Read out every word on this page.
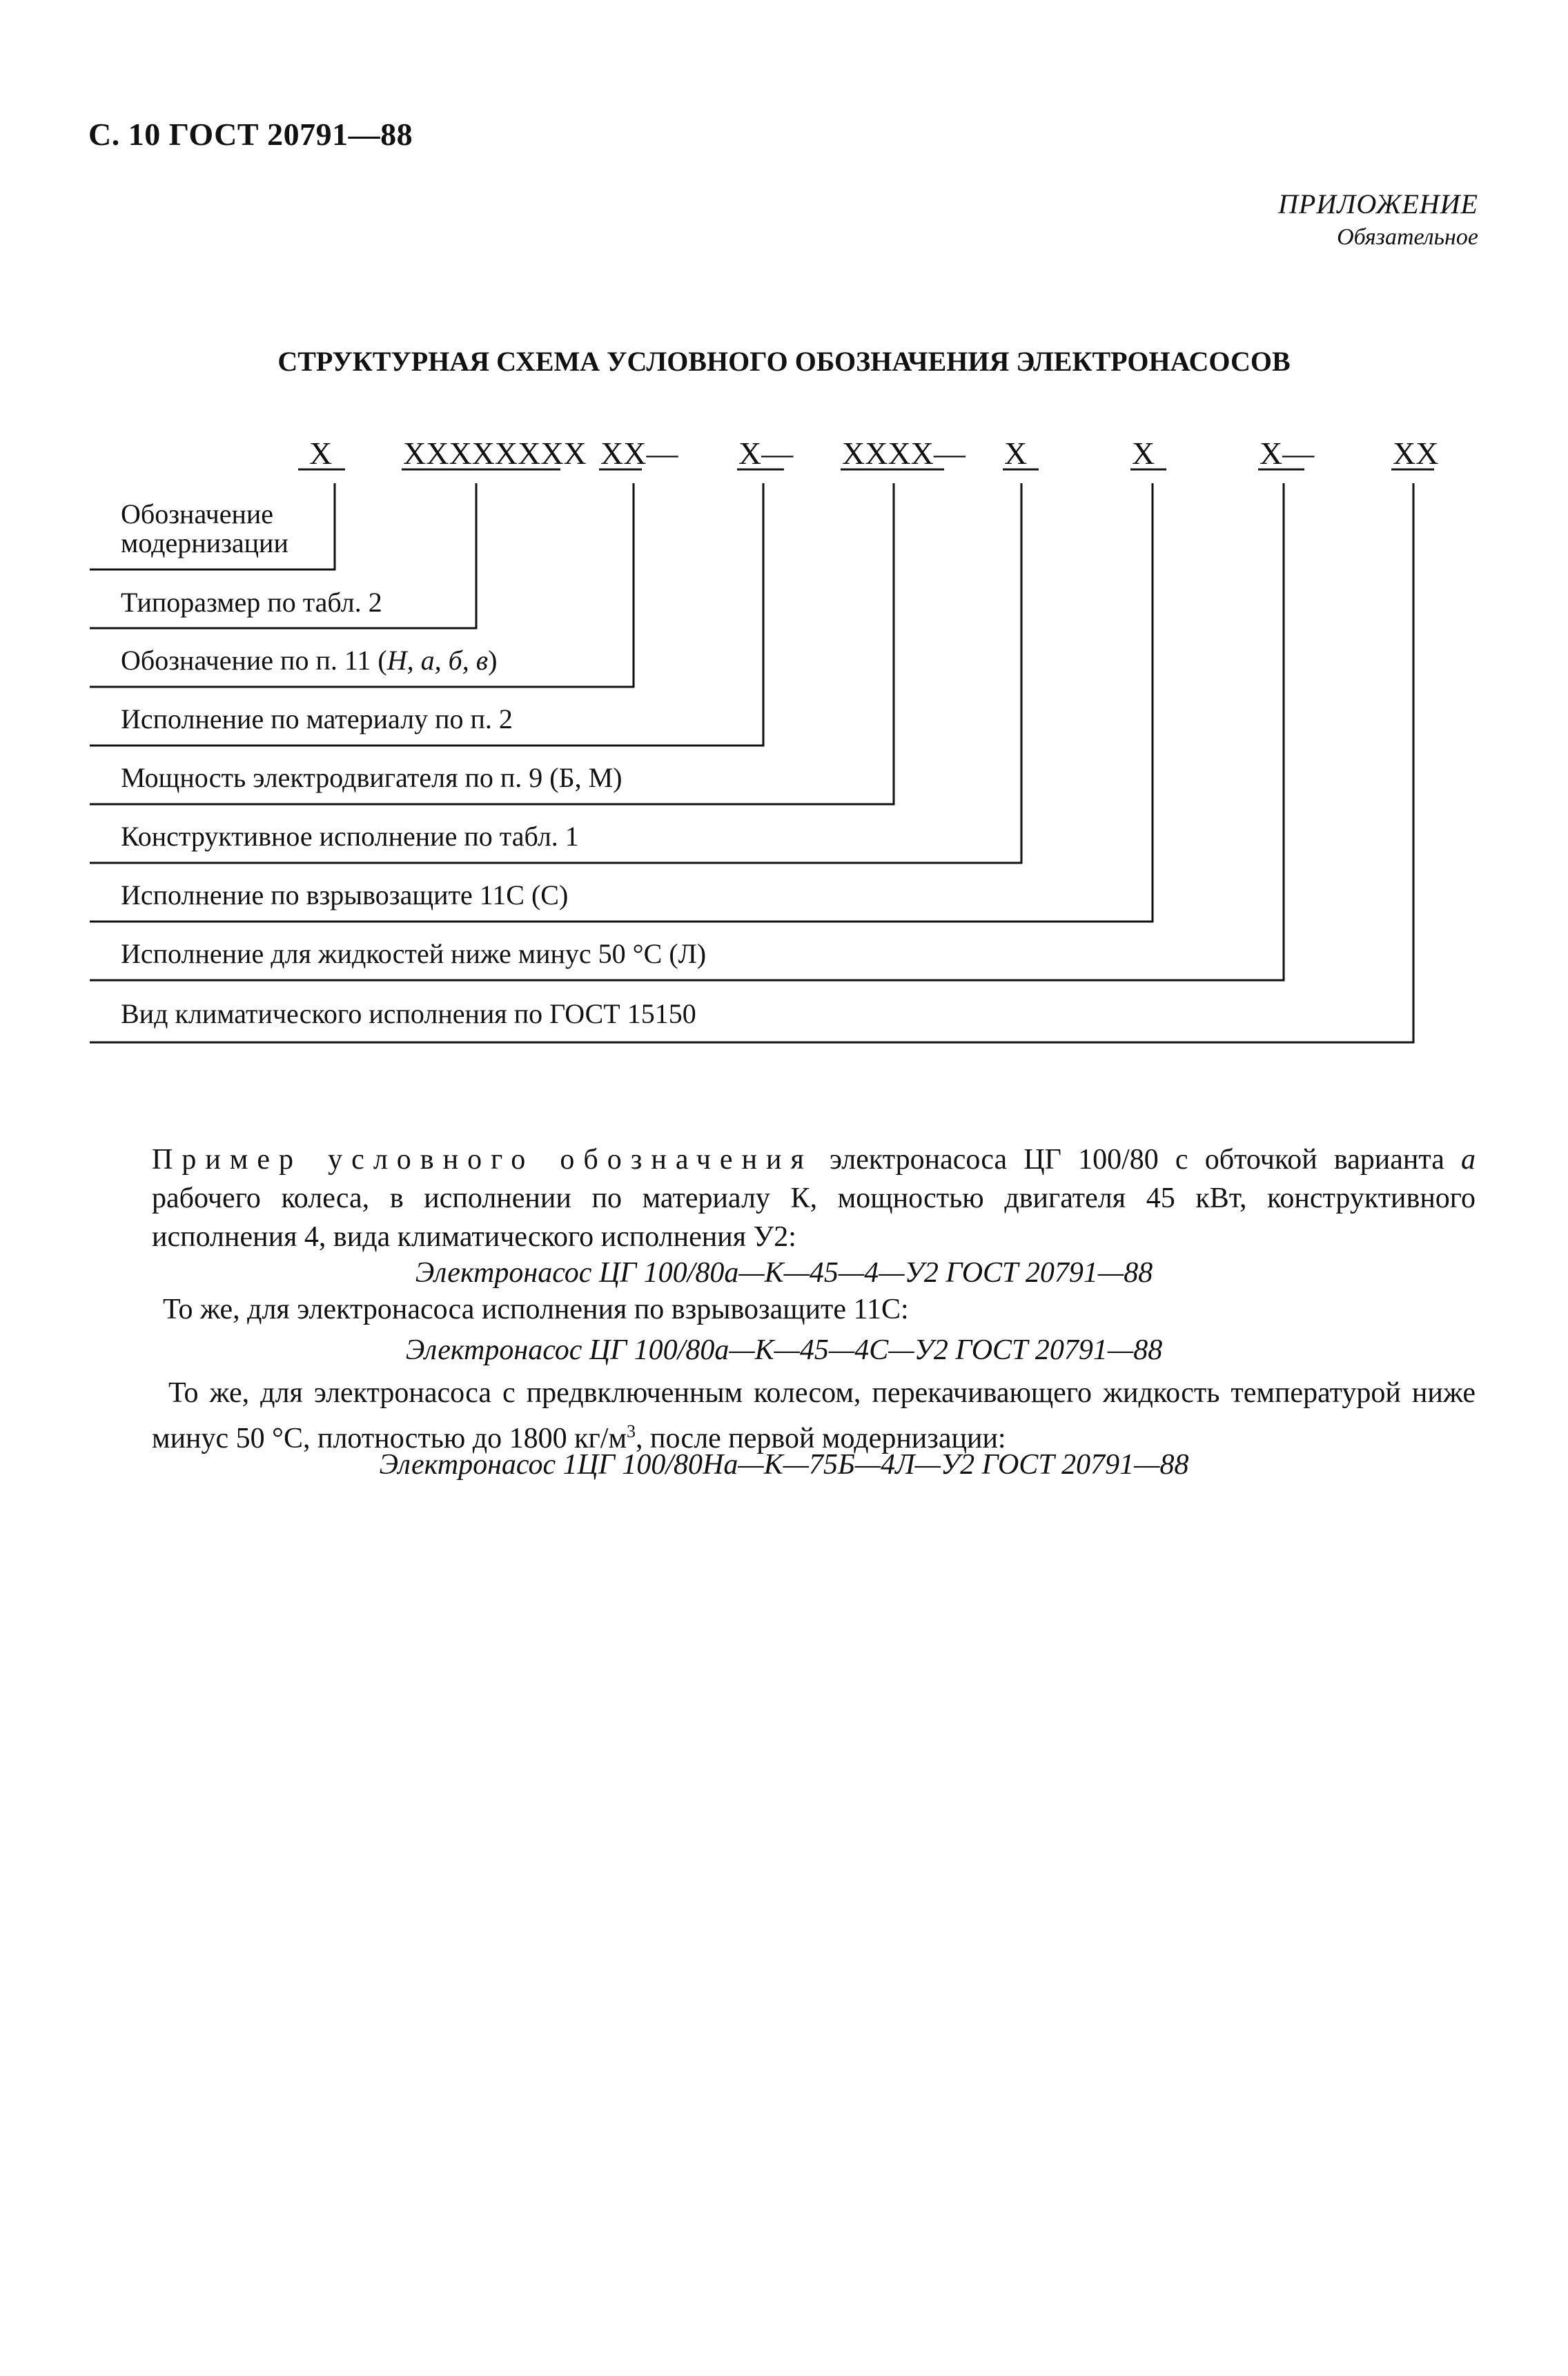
С. 10 ГОСТ 20791—88
ПРИЛОЖЕНИЕ
Обязательное
СТРУКТУРНАЯ СХЕМА УСЛОВНОГО ОБОЗНАЧЕНИЯ ЭЛЕКТРОНАСОСОВ
X XXXXXXXX XX— X— XXXX— X	X	X— XX
Обозначение
модернизации
Типоразмер по табл. 2
Обозначение по п. 11 (Н, а, б, в)
Исполнение по материалу по п. 2
Мощность электродвигателя по п. 9 (Б, М)
Конструктивное исполнение по табл. 1
Исполнение по взрывозащите 11С (С)
Исполнение для жидкостей ниже минус 50 °С (Л)
Вид климатического исполнения по ГОСТ 15150
Пример условного обозначения электронасоса ЦГ 100/80 с обточкой варианта а рабочего колеса, в исполнении по материалу К, мощностью двигателя 45 кВт, конструктивного исполнения 4, вида климатического исполнения У2:
Электронасос ЦГ 100/80а—К—45—4—У2 ГОСТ 20791—88
То же, для электронасоса исполнения по взрывозащите 11С:
Электронасос ЦГ 100/80а—К—45—4С—У2 ГОСТ 20791—88
То же, для электронасоса с предвключенным колесом, перекачивающего жидкость температурой ниже минус 50 °С, плотностью до 1800 $кг/м^3$, после первой модернизации:
Электронасос 1ЦГ 100/80На—К—75Б—4Л—У2 ГОСТ 20791—88
